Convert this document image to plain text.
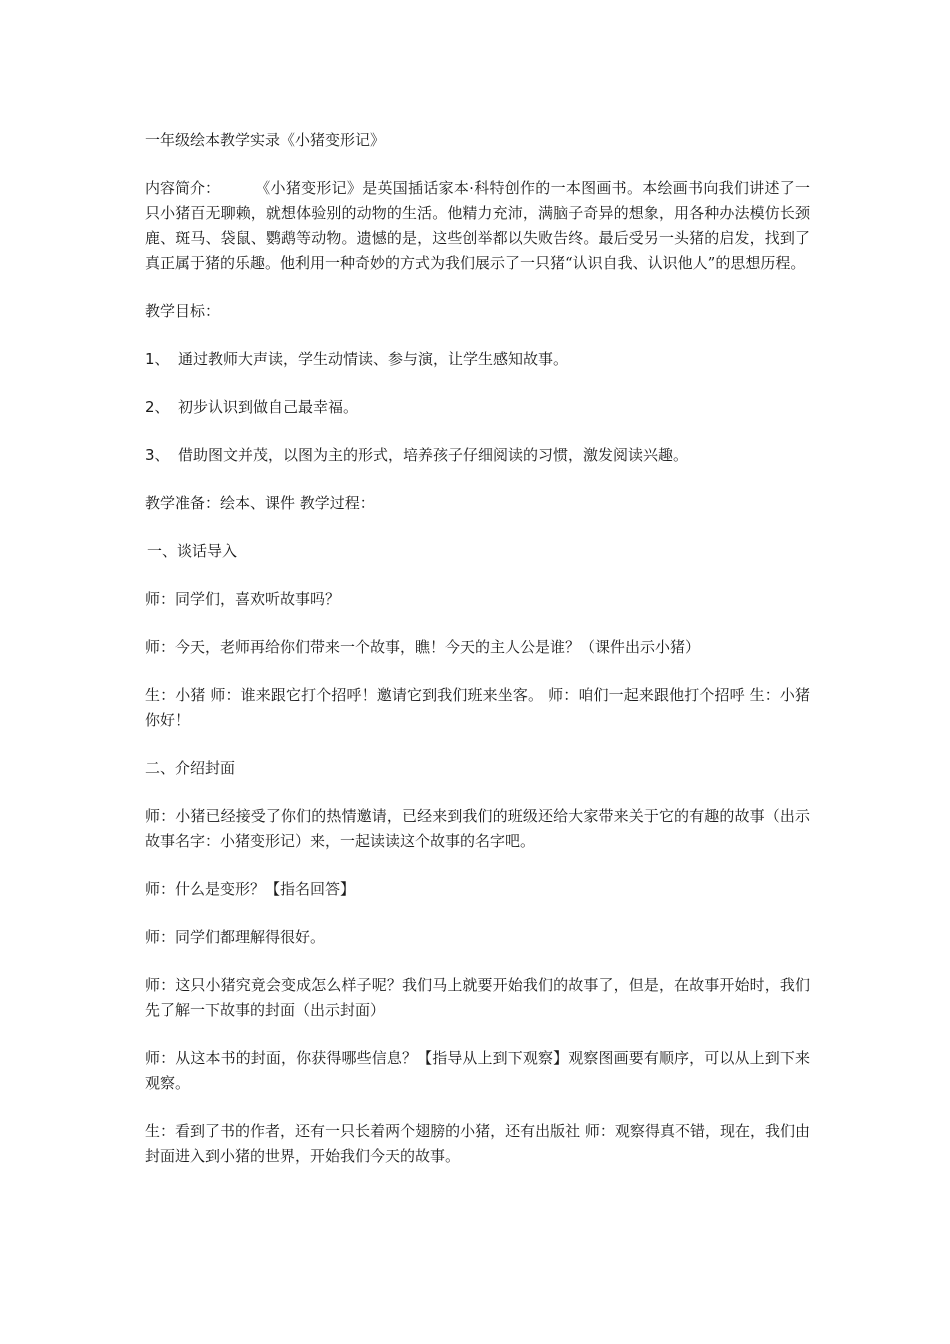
一年级绘本教学实录《小猪变形记》

内容简介： 《小猪变形记》是英国插话家本·科特创作的一本图画书。本绘画书向我们讲述了一只小猪百无聊赖，就想体验别的动物的生活。他精力充沛，满脑子奇异的想象，用各种办法模仿长颈鹿、斑马、袋鼠、鹦鹉等动物。遗憾的是，这些创举都以失败告终。最后受另一头猪的启发，找到了真正属于猪的乐趣。他利用一种奇妙的方式为我们展示了一只猪“认识自我、认识他人”的思想历程。

教学目标：

1、 通过教师大声读，学生动情读、参与演，让学生感知故事。

2、 初步认识到做自己最幸福。

3、 借助图文并茂，以图为主的形式，培养孩子仔细阅读的习惯，激发阅读兴趣。

教学准备：绘本、课件 教学过程：

一、谈话导入

师：同学们，喜欢听故事吗？

师：今天，老师再给你们带来一个故事，瞧！今天的主人公是谁？（课件出示小猪）

生：小猪 师：谁来跟它打个招呼！邀请它到我们班来坐客。 师：咱们一起来跟他打个招呼 生：小猪你好！

二、介绍封面

师：小猪已经接受了你们的热情邀请，已经来到我们的班级还给大家带来关于它的有趣的故事（出示故事名字：小猪变形记）来，一起读读这个故事的名字吧。

师：什么是变形？【指名回答】

师：同学们都理解得很好。

师：这只小猪究竟会变成怎么样子呢？我们马上就要开始我们的故事了，但是，在故事开始时，我们先了解一下故事的封面（出示封面）

师：从这本书的封面，你获得哪些信息？【指导从上到下观察】观察图画要有顺序，可以从上到下来观察。

生：看到了书的作者，还有一只长着两个翅膀的小猪，还有出版社 师：观察得真不错，现在，我们由封面进入到小猪的世界，开始我们今天的故事。
